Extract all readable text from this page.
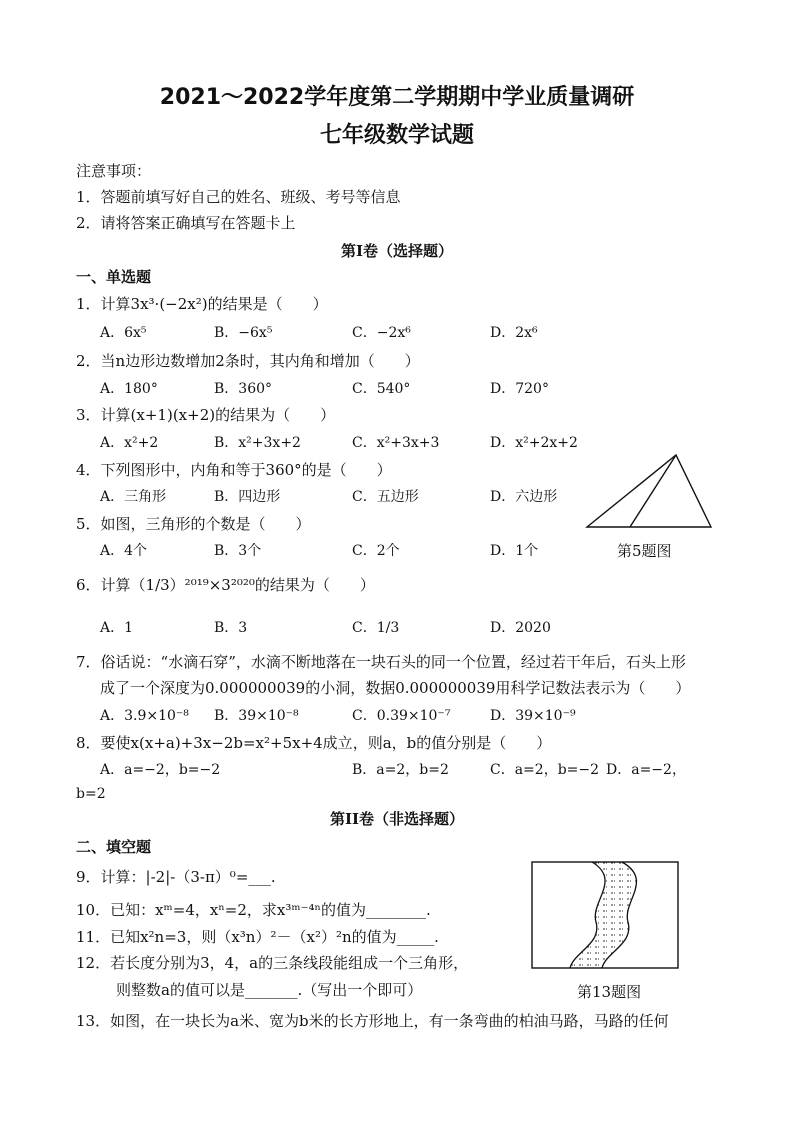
2021～2022学年度第二学期期中学业质量调研
七年级数学试题
注意事项：
1．答题前填写好自己的姓名、班级、考号等信息
2．请将答案正确填写在答题卡上
第I卷（选择题）
一、单选题
1．计算3x³·(−2x²)的结果是（　　）
A．6x⁵	B．−6x⁵	C．−2x⁶	D．2x⁶
2．当n边形边数增加2条时，其内角和增加（　　）
A．180°	B．360°	C．540°	D．720°
3．计算(x+1)(x+2)的结果为（　　）
A．x²+2	B．x²+3x+2	C．x²+3x+3	D．x²+2x+2
4．下列图形中，内角和等于360°的是（　　）
A．三角形	B．四边形	C．五边形	D．六边形
5．如图，三角形的个数是（　　）
A．4个	B．3个	C．2个	D．1个	第5题图
6．计算（1/3）²⁰¹⁹×3²⁰²⁰的结果为（　　）
A．1	B．3	C．1/3	D．2020
7．俗话说：“水滴石穿”，水滴不断地落在一块石头的同一个位置，经过若干年后，石头上形
成了一个深度为0.000000039的小洞，数据0.000000039用科学记数法表示为（　　）
A．3.9×10⁻⁸ B．39×10⁻⁸	C．0.39×10⁻⁷	D．39×10⁻⁹
8．要使x(x+a)+3x−2b=x²+5x+4成立，则a，b的值分别是（　　）
A．a=−2，b=−2	B．a=2，b=2	C．a=2，b=−2 D．a=−2，
b=2
第II卷（非选择题）
二、填空题
9．计算：|-2|-（3-π）⁰=___.
10．已知：xᵐ=4，xⁿ=2，求x³ᵐ⁻⁴ⁿ的值为________.
11．已知x²n=3，则（x³n）²－（x²）²n的值为_____.
12．若长度分别为3，4，a的三条线段能组成一个三角形，
则整数a的值可以是_______.（写出一个即可）
13．如图，在一块长为a米、宽为b米的长方形地上，有一条弯曲的柏油马路，马路的任何
第13题图
